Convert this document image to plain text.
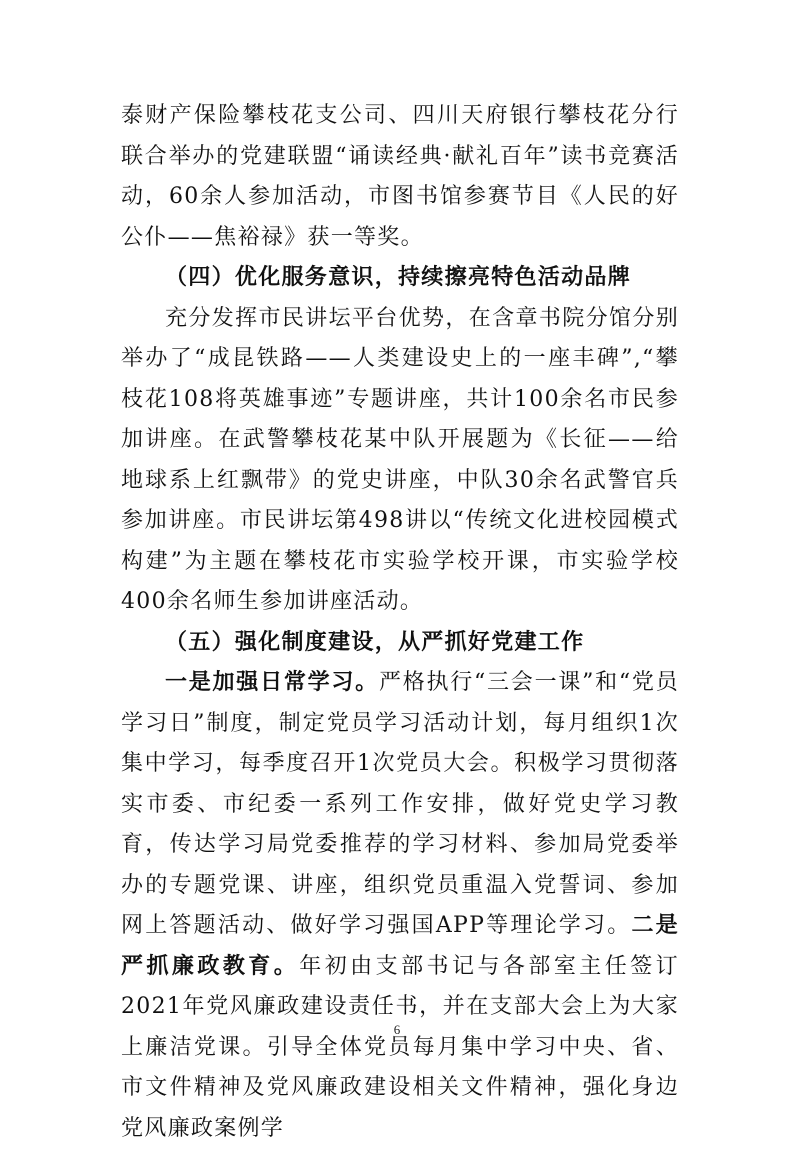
泰财产保险攀枝花支公司、四川天府银行攀枝花分行联合举办的党建联盟“诵读经典·献礼百年”读书竞赛活动，60余人参加活动，市图书馆参赛节目《人民的好公仆——焦裕禄》获一等奖。

（四）优化服务意识，持续擦亮特色活动品牌

充分发挥市民讲坛平台优势，在含章书院分馆分别举办了“成昆铁路——人类建设史上的一座丰碑”,“攀枝花108将英雄事迹”专题讲座，共计100余名市民参加讲座。在武警攀枝花某中队开展题为《长征——给地球系上红飘带》的党史讲座，中队30余名武警官兵参加讲座。市民讲坛第498讲以“传统文化进校园模式构建”为主题在攀枝花市实验学校开课，市实验学校400余名师生参加讲座活动。

（五）强化制度建设，从严抓好党建工作

一是加强日常学习。严格执行“三会一课”和“党员学习日”制度，制定党员学习活动计划，每月组织1次集中学习，每季度召开1次党员大会。积极学习贯彻落实市委、市纪委一系列工作安排，做好党史学习教育，传达学习局党委推荐的学习材料、参加局党委举办的专题党课、讲座，组织党员重温入党誓词、参加网上答题活动、做好学习强国APP等理论学习。二是严抓廉政教育。年初由支部书记与各部室主任签订2021年党风廉政建设责任书，并在支部大会上为大家上廉洁党课。引导全体党员每月集中学习中央、省、市文件精神及党风廉政建设相关文件精神，强化身边党风廉政案例学

6
